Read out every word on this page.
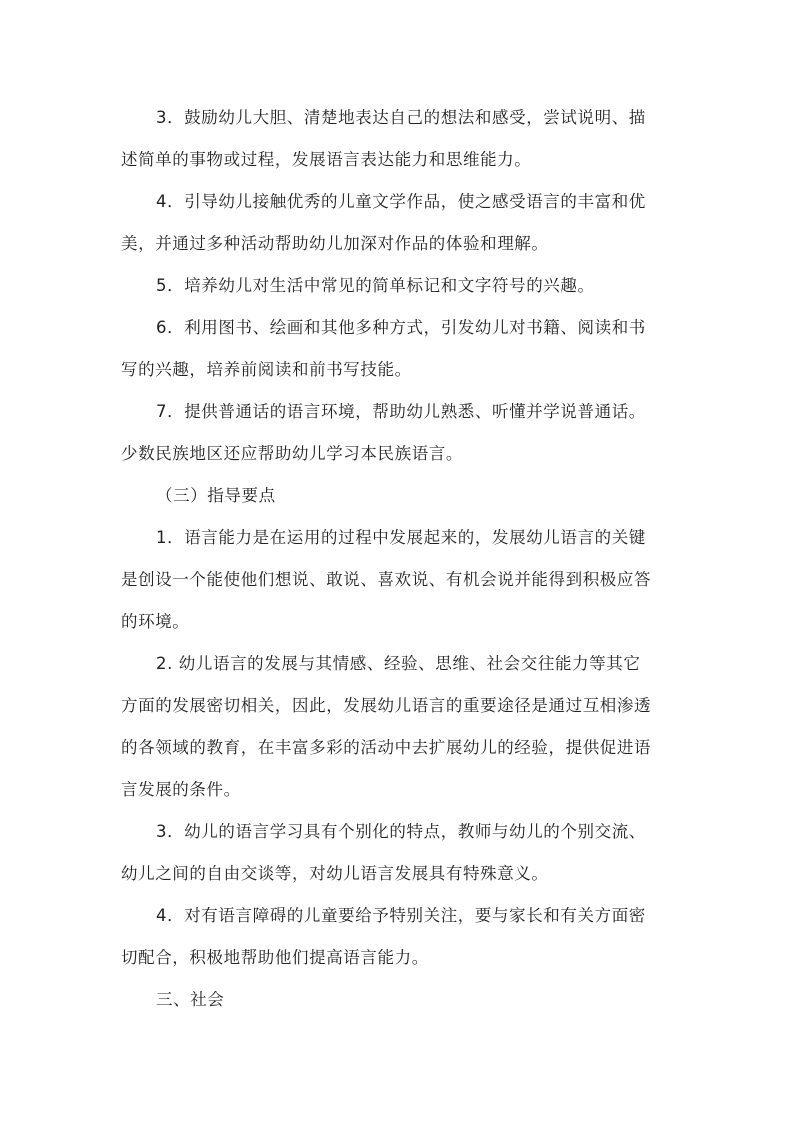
3．鼓励幼儿大胆、清楚地表达自己的想法和感受，尝试说明、描

述简单的事物或过程，发展语言表达能力和思维能力。

4．引导幼儿接触优秀的儿童文学作品，使之感受语言的丰富和优

美，并通过多种活动帮助幼儿加深对作品的体验和理解。

5．培养幼儿对生活中常见的简单标记和文字符号的兴趣。

6．利用图书、绘画和其他多种方式，引发幼儿对书籍、阅读和书

写的兴趣，培养前阅读和前书写技能。

7．提供普通话的语言环境，帮助幼儿熟悉、听懂并学说普通话。

少数民族地区还应帮助幼儿学习本民族语言。

（三）指导要点

1．语言能力是在运用的过程中发展起来的，发展幼儿语言的关键

是创设一个能使他们想说、敢说、喜欢说、有机会说并能得到积极应答

的环境。

2. 幼儿语言的发展与其情感、经验、思维、社会交往能力等其它

方面的发展密切相关，因此，发展幼儿语言的重要途径是通过互相渗透

的各领域的教育，在丰富多彩的活动中去扩展幼儿的经验，提供促进语

言发展的条件。

3．幼儿的语言学习具有个别化的特点，教师与幼儿的个别交流、

幼儿之间的自由交谈等，对幼儿语言发展具有特殊意义。

4．对有语言障碍的儿童要给予特别关注，要与家长和有关方面密

切配合，积极地帮助他们提高语言能力。

三、社会
